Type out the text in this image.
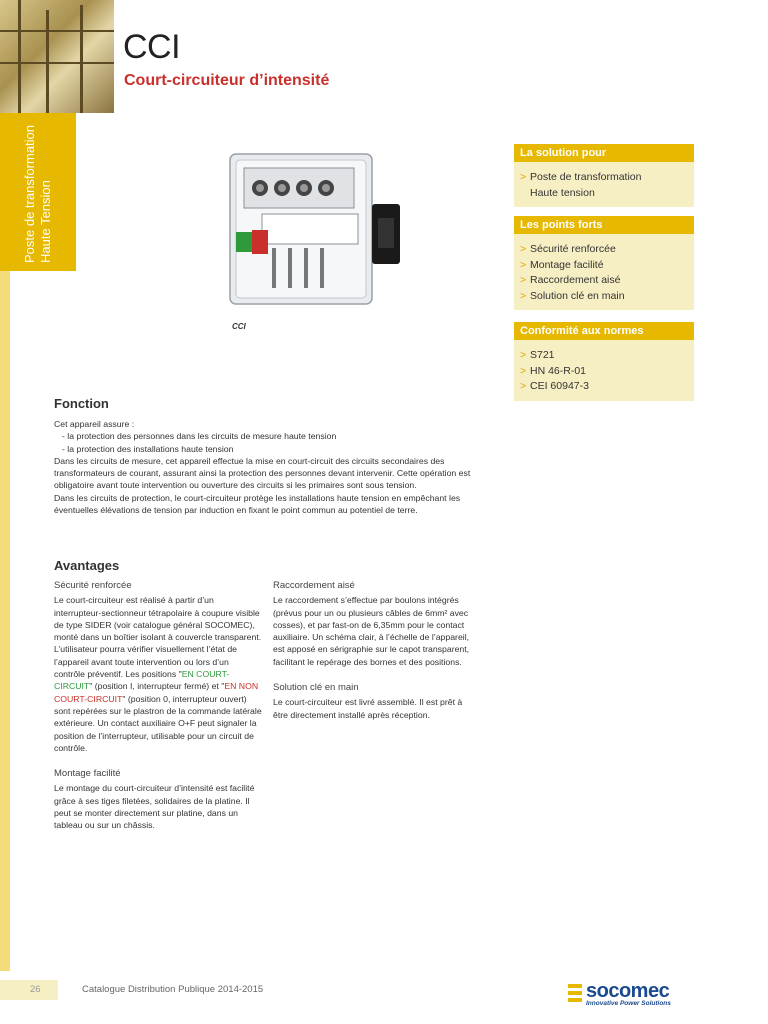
Poste de transformation Haute Tension
CCI
Court-circuiteur d’intensité
CCI
La solution pour
> Poste de transformation
Haute tension
Les points forts
> Sécurité renforcée
> Montage facilité
> Raccordement aisé
> Solution clé en main
Conformité aux normes
> S721
> HN 46-R-01
> CEI 60947-3
Fonction

Cet appareil assure :

- la protection des personnes dans les circuits de mesure haute tension

- la protection des installations haute tension

Dans les circuits de mesure, cet appareil effectue la mise en court-circuit des circuits secondaires des transformateurs de courant, assurant ainsi la protection des personnes devant intervenir. Cette opération est obligatoire avant toute intervention ou ouverture des circuits si les primaires sont sous tension.

Dans les circuits de protection, le court-circuiteur protège les installations haute tension en empêchant les éventuelles élévations de tension par induction en fixant le point commun au potentiel de terre.

Avantages
Sécurité renforcée

Le court-circuiteur est réalisé à partir d’un interrupteur-sectionneur tétrapolaire à coupure visible de type SIDER (voir catalogue général SOCOMEC), monté dans un boîtier isolant à couvercle transparent. L’utilisateur pourra vérifier visuellement l’état de l’appareil avant toute intervention ou lors d’un contrôle préventif. Les positions "EN COURT-CIRCUIT" (position I, interrupteur fermé) et "EN NON COURT-CIRCUIT" (position 0, interrupteur ouvert) sont repérées sur le plastron de la commande latérale extérieure. Un contact auxiliaire O+F peut signaler la position de l’interrupteur, utilisable pour un circuit de contrôle.

Montage facilité

Le montage du court-circuiteur d’intensité est facilité grâce à ses tiges filetées, solidaires de la platine. Il peut se monter directement sur platine, dans un tableau ou sur un châssis.

Raccordement aisé

Le raccordement s’effectue par boulons intégrés (prévus pour un ou plusieurs câbles de 6mm² avec cosses), et par fast-on de 6,35mm pour le contact auxiliaire. Un schéma clair, à l’échelle de l’appareil, est apposé en sérigraphie sur le capot transparent, facilitant le repérage des bornes et des positions.

Solution clé en main

Le court-circuiteur est livré assemblé. Il est prêt à être directement installé après réception.

26	Catalogue Distribution Publique 2014-2015	socomec
Innovative Power Solutions
